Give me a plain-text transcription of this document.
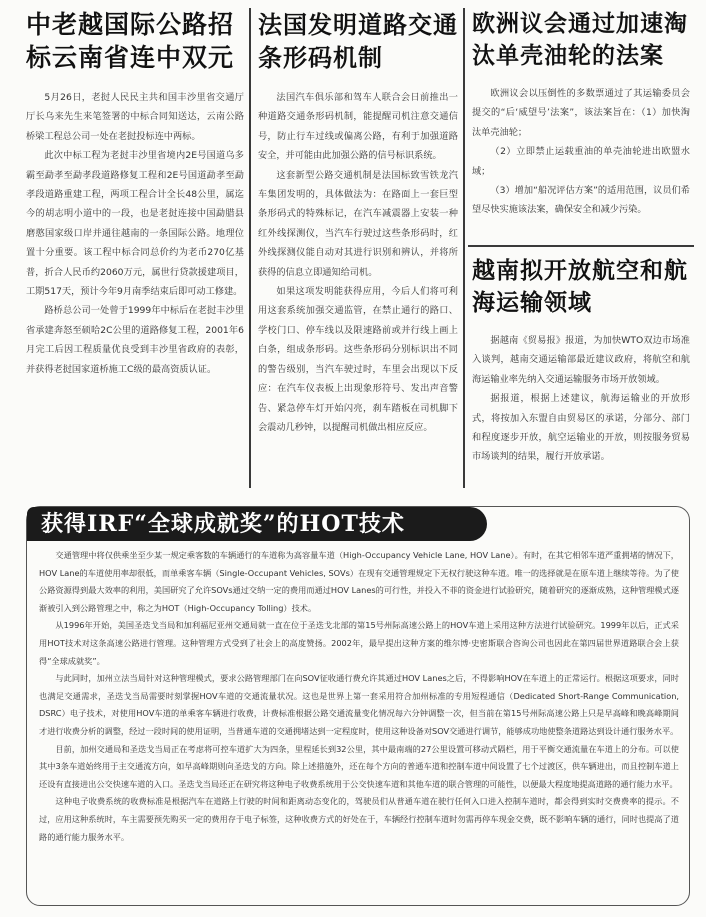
中老越国际公路招标云南省连中双元

5月26日，老挝人民民主共和国丰沙里省交通厅厅长乌来先生来笔签署的中标合同知送达，云南公路桥梁工程总公司一处在老挝投标连中两标。

此次中标工程为老挝丰沙里省境内2E号国道乌多霸至勐孝至勐孝段道路修复工程和2E号国道勐孝至勐孝段道路重建工程，两项工程合计全长48公里，属迄今的胡志明小道中的一段，也是老挝连接中国勐腊县磨憨国家级口岸并通往越南的一条国际公路。地理位置十分重要。该工程中标合同总价约为老币270亿基普，折合人民币约2060万元，属世行贷款援建项目，工期517天，预计今年9月南季结束后即可动工修建。

路桥总公司一处曾于1999年中标后在老挝丰沙里省承建奔怒至硕哈2C公里的道路修复工程，2001年6月完工后因工程质量优良受到丰沙里省政府的表彰，并获得老挝国家道桥施工C级的最高资质认证。

法国发明道路交通条形码机制

法国汽车俱乐部和驾车人联合会日前推出一种道路交通条形码机制，能提醒司机注意交通信号，防止行车过线或偏离公路，有利于加强道路安全，并可能由此加强公路的信号标识系统。

这套新型公路交通机制是法国标致雪铁龙汽车集团发明的，具体做法为：在路面上一套巨型条形码式的特殊标记，在汽车减震器上安装一种红外线探测仪，当汽车行驶过这些条形码时，红外线探测仪能自动对其进行识别和辨认，并将所获得的信息立即通知给司机。

如果这项发明能获得应用，今后人们将可利用这套系统加强交通监管，在禁止通行的路口、学校门口、停车线以及限速路前或并行线上画上白条，组成条形码。这些条形码分别标识出不同的警告级别，当汽车驶过时，车里会出现以下反应：在汽车仪表板上出现象形符号、发出声音警告、紧急停车灯开始闪亮，刹车踏板在司机脚下会震动几秒钟，以提醒司机做出相应反应。

欧洲议会通过加速淘汰单壳油轮的法案

欧洲议会以压倒性的多数票通过了其运输委员会提交的“后‘威望号’法案”，该法案旨在：（1）加快淘汰单壳油轮；

（2）立即禁止运载重油的单壳油轮进出欧盟水域；

（3）增加“船况评估方案”的适用范围，议员们希望尽快实施该法案，确保安全和减少污染。

越南拟开放航空和航海运输领域

据越南《贸易报》报道，为加快WTO双边市场准入谈判，越南交通运输部最近建议政府，将航空和航海运输业率先纳入交通运输服务市场开放领域。

据报道，根据上述建议，航海运输业的开放形式，将按加入东盟自由贸易区的承诺，分部分、部门和程度逐步开放，航空运输业的开放，则按服务贸易市场谈判的结果，履行开放承诺。

获得IRF“全球成就奖”的HOT技术

交通管理中将仅供乘坐至少某一规定乘客数的车辆通行的车道称为高容量车道（High-Occupancy Vehicle Lane, HOV Lane）。有时，在其它相邻车道严重拥堵的情况下，HOV Lane的车道使用率却很低，而单乘客车辆（Single-Occupant Vehicles, SOVs）在现有交通管理规定下无权行驶这种车道。唯一的选择就是在原车道上继续等待。为了使公路资源得到最大效率的利用，美国研究了允许SOVs通过交纳一定的费用而通过HOV Lanes的可行性，并投入不菲的资金进行试验研究，随着研究的逐渐成熟，这种管理模式逐渐被引入到公路管理之中，称之为HOT（High-Occupancy Tolling）技术。

从1996年开始，美国圣迭戈当局和加利福尼亚州交通局就一直在位于圣迭戈北部的第15号州际高速公路上的HOV车道上采用这种方法进行试验研究。1999年以后，正式采用HOT技术对这条高速公路进行管理。这种管理方式受到了社会上的高度赞扬。2002年，最早提出这种方案的维尔博·史密斯联合咨询公司也因此在第四届世界道路联合会上获得“全球成就奖”。

与此同时，加州立法当局针对这种管理模式，要求公路管理部门在向SOV征收通行费允许其通过HOV Lanes之后，不得影响HOV在车道上的正常运行。根据这项要求，同时也满足交通需求，圣迭戈当局需要时刻掌握HOV车道的交通流量状况。这也是世界上第一套采用符合加州标准的专用短程通信（Dedicated Short-Range Communication, DSRC）电子技术，对使用HOV车道的单乘客车辆进行收费，计费标准根据公路交通流量变化情况每六分钟调整一次，但当前在第15号州际高速公路上只是早高峰和晚高峰期间才进行收费分析的调整，经过一段时间的使用证明，当普通车道的交通拥堵达到一定程度时，使用这种设备对SOV交通进行调节，能够成功地使整条道路达到设计通行服务水平。

目前，加州交通局和圣迭戈当局正在考虑将可控车道扩大为四条，里程延长到32公里，其中最南端的27公里设置可移动式隔栏，用于平衡交通流量在车道上的分布。可以使其中3条车道始终用于主交通流方向，如早高峰期则向圣迭戈的方向。除上述措施外，还在每个方向的普通车道和控制车道中间设置了七个过渡区，供车辆进出，而且控制车道上还设有直接进出公交快速车道的入口。圣迭戈当局还正在研究将这种电子收费系统用于公交快速车道和其他车道的联合管理的可能性，以便最大程度地提高道路的通行能力水平。

这种电子收费系统的收费标准是根据汽车在道路上行驶的时间和距离动态变化的，驾驶员们从普通车道在驶行任何入口进入控制车道时，都会得到实时交费费率的提示。不过，应用这种系统时，车主需要预先购买一定的费用存于电子标签，这种收费方式的好处在于，车辆经行控制车道时勿需再停车现金交费，既不影响车辆的通行，同时也提高了道路的通行能力服务水平。
